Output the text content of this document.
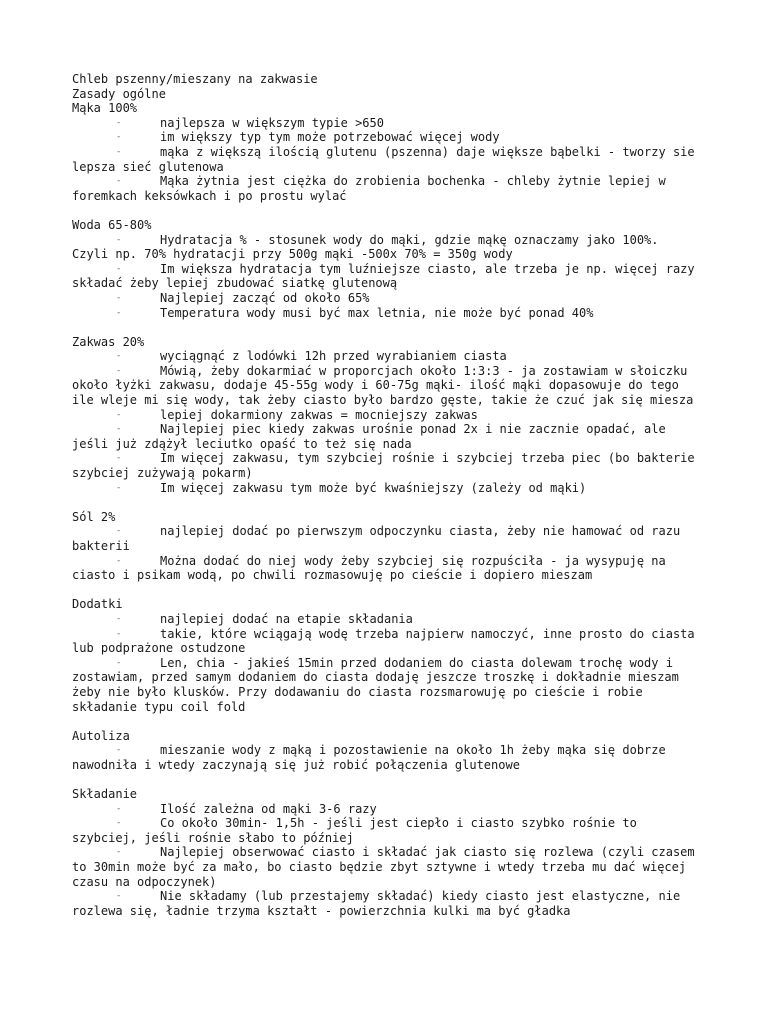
Chleb pszenny/mieszany na zakwasie
Zasady ogólne
Mąka 100%
-	najlepsza w większym typie >650
-	im większy typ tym może potrzebować więcej wody
-	mąka z większą ilością glutenu (pszenna) daje większe bąbelki - tworzy sie lepsza sieć glutenowa
-	Mąka żytnia jest ciężka do zrobienia bochenka - chleby żytnie lepiej w foremkach keksówkach i po prostu wylać
Woda 65-80%
-	Hydratacja % - stosunek wody do mąki, gdzie mąkę oznaczamy jako 100%. Czyli np. 70% hydratacji przy 500g mąki -500x 70% = 350g wody
-	Im większa hydratacja tym luźniejsze ciasto, ale trzeba je np. więcej razy składać żeby lepiej zbudować siatkę glutenową
-	Najlepiej zacząć od około 65%
-	Temperatura wody musi być max letnia, nie może być ponad 40%
Zakwas 20%
-	wyciągnąć z lodówki 12h przed wyrabianiem ciasta
-	Mówią, żeby dokarmiać w proporcjach około 1:3:3 - ja zostawiam w słoiczku około łyżki zakwasu, dodaje 45-55g wody i 60-75g mąki- ilość mąki dopasowuje do tego ile wleje mi się wody, tak żeby ciasto było bardzo gęste, takie że czuć jak się miesza
-	lepiej dokarmiony zakwas = mocniejszy zakwas
-	Najlepiej piec kiedy zakwas urośnie ponad 2x i nie zacznie opadać, ale jeśli już zdążył leciutko opaść to też się nada
-	Im więcej zakwasu, tym szybciej rośnie i szybciej trzeba piec (bo bakterie szybciej zużywają pokarm)
-	Im więcej zakwasu tym może być kwaśniejszy (zależy od mąki)
Sól 2%
-	najlepiej dodać po pierwszym odpoczynku ciasta, żeby nie hamować od razu bakterii
-	Można dodać do niej wody żeby szybciej się rozpuściła - ja wysypuję na ciasto i psikam wodą, po chwili rozmasowuję po cieście i dopiero mieszam
Dodatki
-	najlepiej dodać na etapie składania
-	takie, które wciągają wodę trzeba najpierw namoczyć, inne prosto do ciasta lub podprażone ostudzone
-	Len, chia - jakieś 15min przed dodaniem do ciasta dolewam trochę wody i zostawiam, przed samym dodaniem do ciasta dodaję jeszcze troszkę i dokładnie mieszam żeby nie było klusków. Przy dodawaniu do ciasta rozsmarowuję po cieście i robie składanie typu coil fold
Autoliza
-	mieszanie wody z mąką i pozostawienie na około 1h żeby mąka się dobrze nawodniła i wtedy zaczynają się już robić połączenia glutenowe
Składanie
-	Ilość zależna od mąki 3-6 razy
-	Co około 30min- 1,5h - jeśli jest ciepło i ciasto szybko rośnie to szybciej, jeśli rośnie słabo to później
-	Najlepiej obserwować ciasto i składać jak ciasto się rozlewa (czyli czasem to 30min może być za mało, bo ciasto będzie zbyt sztywne i wtedy trzeba mu dać więcej czasu na odpoczynek)
-	Nie składamy (lub przestajemy składać) kiedy ciasto jest elastyczne, nie rozlewa się, ładnie trzyma kształt - powierzchnia kulki ma być gładka
